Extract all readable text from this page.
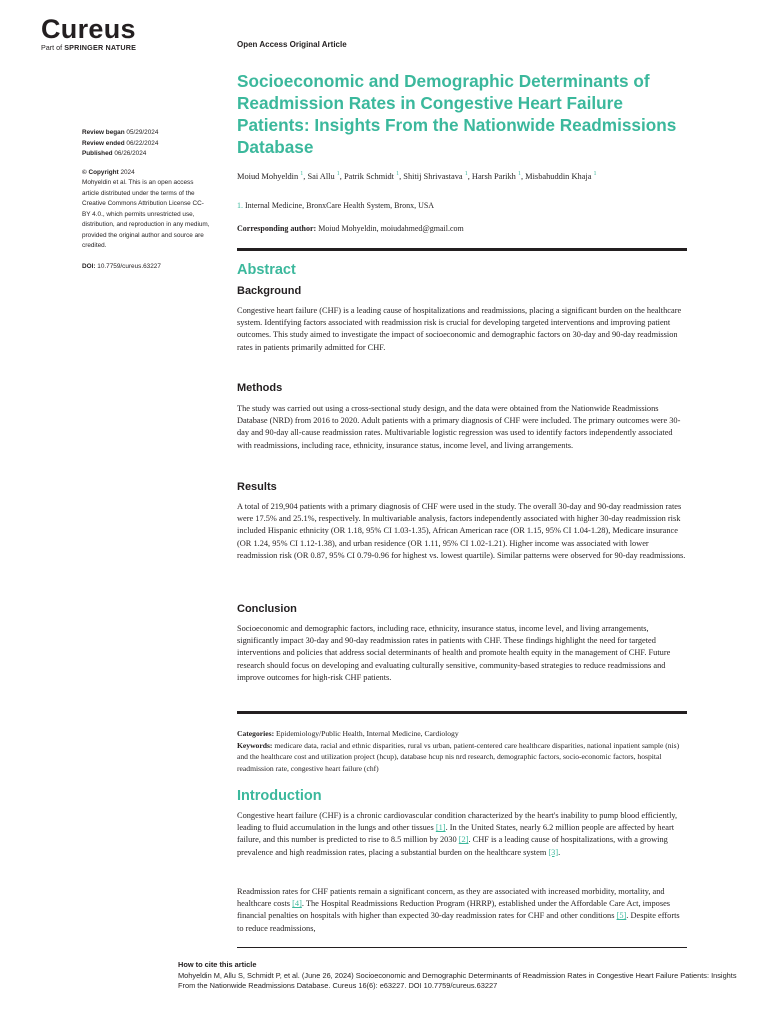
Cureus
Part of SPRINGER NATURE	Open Access Original Article
Review began 05/29/2024
Review ended 06/22/2024
Published 06/26/2024
© Copyright 2024
Mohyeldin et al. This is an open access article distributed under the terms of the Creative Commons Attribution License CC-BY 4.0., which permits unrestricted use, distribution, and reproduction in any medium, provided the original author and source are credited.
DOI: 10.7759/cureus.63227
Socioeconomic and Demographic Determinants of Readmission Rates in Congestive Heart Failure Patients: Insights From the Nationwide Readmissions Database
Moiud Mohyeldin $^1$, Sai Allu $^1$, Patrik Schmidt $^1$, Shitij Shrivastava $^1$, Harsh Parikh $^1$, Misbahuddin Khaja $^1$
1. Internal Medicine, BronxCare Health System, Bronx, USA
Corresponding author: Moiud Mohyeldin, moiudahmed@gmail.com
Abstract
Background

Congestive heart failure (CHF) is a leading cause of hospitalizations and readmissions, placing a significant burden on the healthcare system. Identifying factors associated with readmission risk is crucial for developing targeted interventions and improving patient outcomes. This study aimed to investigate the impact of socioeconomic and demographic factors on 30-day and 90-day readmission rates in patients primarily admitted for CHF.

Methods

The study was carried out using a cross-sectional study design, and the data were obtained from the Nationwide Readmissions Database (NRD) from 2016 to 2020. Adult patients with a primary diagnosis of CHF were included. The primary outcomes were 30-day and 90-day all-cause readmission rates. Multivariable logistic regression was used to identify factors independently associated with readmissions, including race, ethnicity, insurance status, income level, and living arrangements.

Results

A total of 219,904 patients with a primary diagnosis of CHF were used in the study. The overall 30-day and 90-day readmission rates were 17.5% and 25.1%, respectively. In multivariable analysis, factors independently associated with higher 30-day readmission risk included Hispanic ethnicity (OR 1.18, 95% CI 1.03-1.35), African American race (OR 1.15, 95% CI 1.04-1.28), Medicare insurance (OR 1.24, 95% CI 1.12-1.38), and urban residence (OR 1.11, 95% CI 1.02-1.21). Higher income was associated with lower readmission risk (OR 0.87, 95% CI 0.79-0.96 for highest vs. lowest quartile). Similar patterns were observed for 90-day readmissions.

Conclusion

Socioeconomic and demographic factors, including race, ethnicity, insurance status, income level, and living arrangements, significantly impact 30-day and 90-day readmission rates in patients with CHF. These findings highlight the need for targeted interventions and policies that address social determinants of health and promote health equity in the management of CHF. Future research should focus on developing and evaluating culturally sensitive, community-based strategies to reduce readmissions and improve outcomes for high-risk CHF patients.

Categories: Epidemiology/Public Health, Internal Medicine, Cardiology
Keywords: medicare data, racial and ethnic disparities, rural vs urban, patient-centered care healthcare disparities, national inpatient sample (nis) and the healthcare cost and utilization project (hcup), database hcup nis nrd research, demographic factors, socio-economic factors, hospital readmission rate, congestive heart failure (chf)
Introduction

Congestive heart failure (CHF) is a chronic cardiovascular condition characterized by the heart's inability to pump blood efficiently, leading to fluid accumulation in the lungs and other tissues [1]. In the United States, nearly 6.2 million people are affected by heart failure, and this number is predicted to rise to 8.5 million by 2030 [2]. CHF is a leading cause of hospitalizations, with a growing prevalence and high readmission rates, placing a substantial burden on the healthcare system [3].

Readmission rates for CHF patients remain a significant concern, as they are associated with increased morbidity, mortality, and healthcare costs [4]. The Hospital Readmissions Reduction Program (HRRP), established under the Affordable Care Act, imposes financial penalties on hospitals with higher than expected 30-day readmission rates for CHF and other conditions [5]. Despite efforts to reduce readmissions,

How to cite this article
Mohyeldin M, Allu S, Schmidt P, et al. (June 26, 2024) Socioeconomic and Demographic Determinants of Readmission Rates in Congestive Heart Failure Patients: Insights From the Nationwide Readmissions Database. Cureus 16(6): e63227. DOI 10.7759/cureus.63227
